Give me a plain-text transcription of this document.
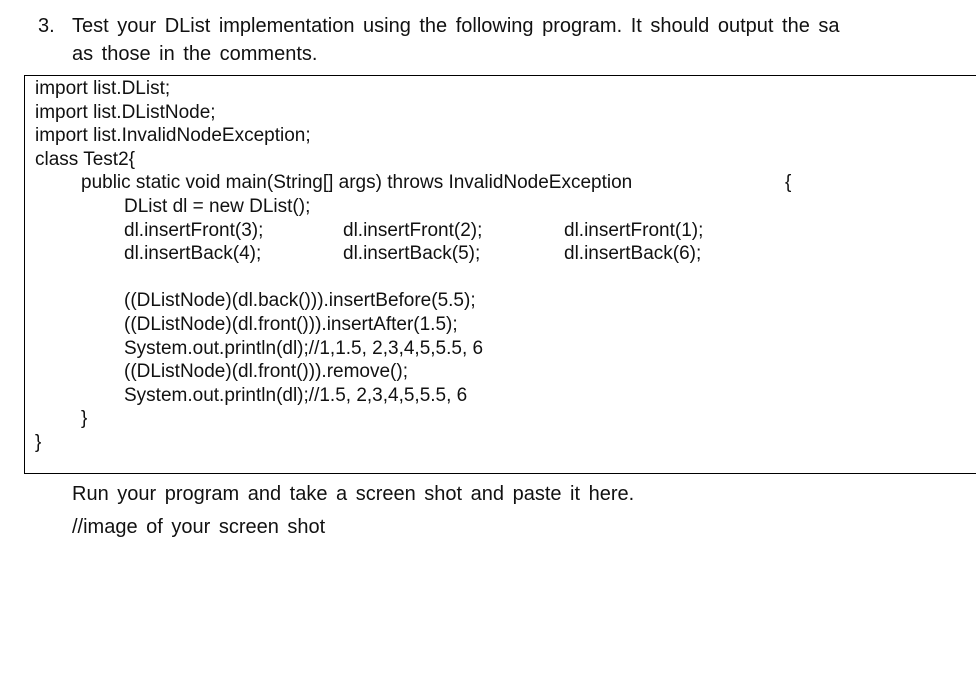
3. Test your DList implementation using the following program. It should output the sa
as those in the comments.
import list.DList;
import list.DListNode;
import list.InvalidNodeException;
class Test2{
public static void main(String[] args) throws InvalidNodeException	{
DList dl = new DList();
dl.insertFront(3);	dl.insertFront(2);	dl.insertFront(1);
dl.insertBack(4);	dl.insertBack(5);	dl.insertBack(6);
((DListNode)(dl.back())).insertBefore(5.5);
((DListNode)(dl.front())).insertAfter(1.5);
System.out.println(dl);//1,1.5, 2,3,4,5,5.5, 6
((DListNode)(dl.front())).remove();
System.out.println(dl);//1.5, 2,3,4,5,5.5, 6
}
}
Run your program and take a screen shot and paste it here.
//image of your screen shot
